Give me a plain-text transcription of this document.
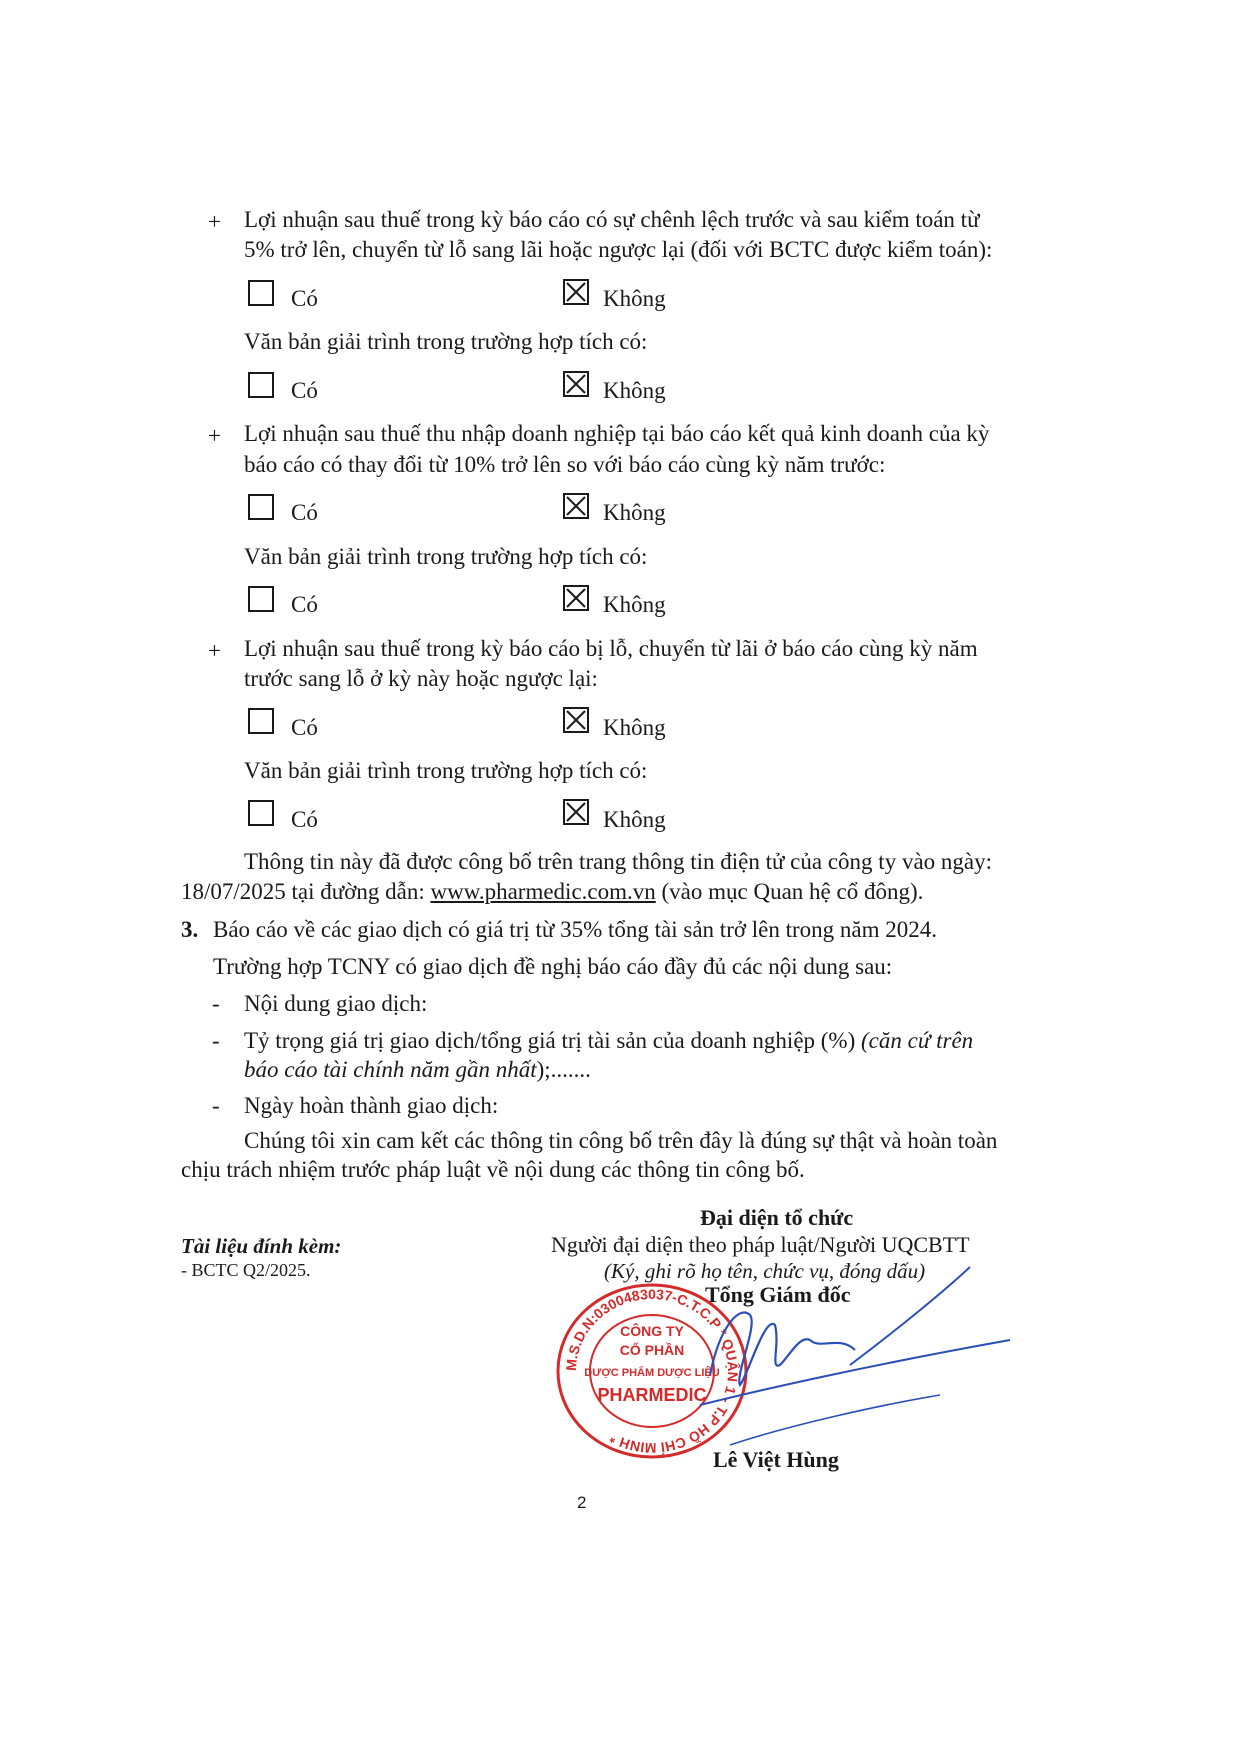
+ Lợi nhuận sau thuế trong kỳ báo cáo có sự chênh lệch trước và sau kiểm toán từ
5% trở lên, chuyển từ lỗ sang lãi hoặc ngược lại (đối với BCTC được kiểm toán):
Có	Không
Văn bản giải trình trong trường hợp tích có:
Có	Không
+ Lợi nhuận sau thuế thu nhập doanh nghiệp tại báo cáo kết quả kinh doanh của kỳ
báo cáo có thay đổi từ 10% trở lên so với báo cáo cùng kỳ năm trước:
Có	Không
Văn bản giải trình trong trường hợp tích có:
Có	Không
+ Lợi nhuận sau thuế trong kỳ báo cáo bị lỗ, chuyển từ lãi ở báo cáo cùng kỳ năm
trước sang lỗ ở kỳ này hoặc ngược lại:
Có	Không
Văn bản giải trình trong trường hợp tích có:
Có	Không
Thông tin này đã được công bố trên trang thông tin điện tử của công ty vào ngày:
18/07/2025 tại đường dẫn: www.pharmedic.com.vn (vào mục Quan hệ cổ đông).
3. Báo cáo về các giao dịch có giá trị từ 35% tổng tài sản trở lên trong năm 2024.
Trường hợp TCNY có giao dịch đề nghị báo cáo đầy đủ các nội dung sau:
- Nội dung giao dịch:
- Tỷ trọng giá trị giao dịch/tổng giá trị tài sản của doanh nghiệp (%) (căn cứ trên
báo cáo tài chính năm gần nhất);.......
- Ngày hoàn thành giao dịch:
Chúng tôi xin cam kết các thông tin công bố trên đây là đúng sự thật và hoàn toàn
chịu trách nhiệm trước pháp luật về nội dung các thông tin công bố.
Tài liệu đính kèm:
- BCTC Q2/2025.
Đại diện tổ chức
Người đại diện theo pháp luật/Người UQCBTT
(Ký, ghi rõ họ tên, chức vụ, đóng dấu)
Tổng Giám đốc
M.S.D.N:0300483037-C.T.C.P * QUẬN 1 - T.P HỒ CHÍ MINH *
CÔNG TY
CỔ PHẦN
DƯỢC PHẨM DƯỢC LIỆU
PHARMEDIC
Lê Việt Hùng
2
